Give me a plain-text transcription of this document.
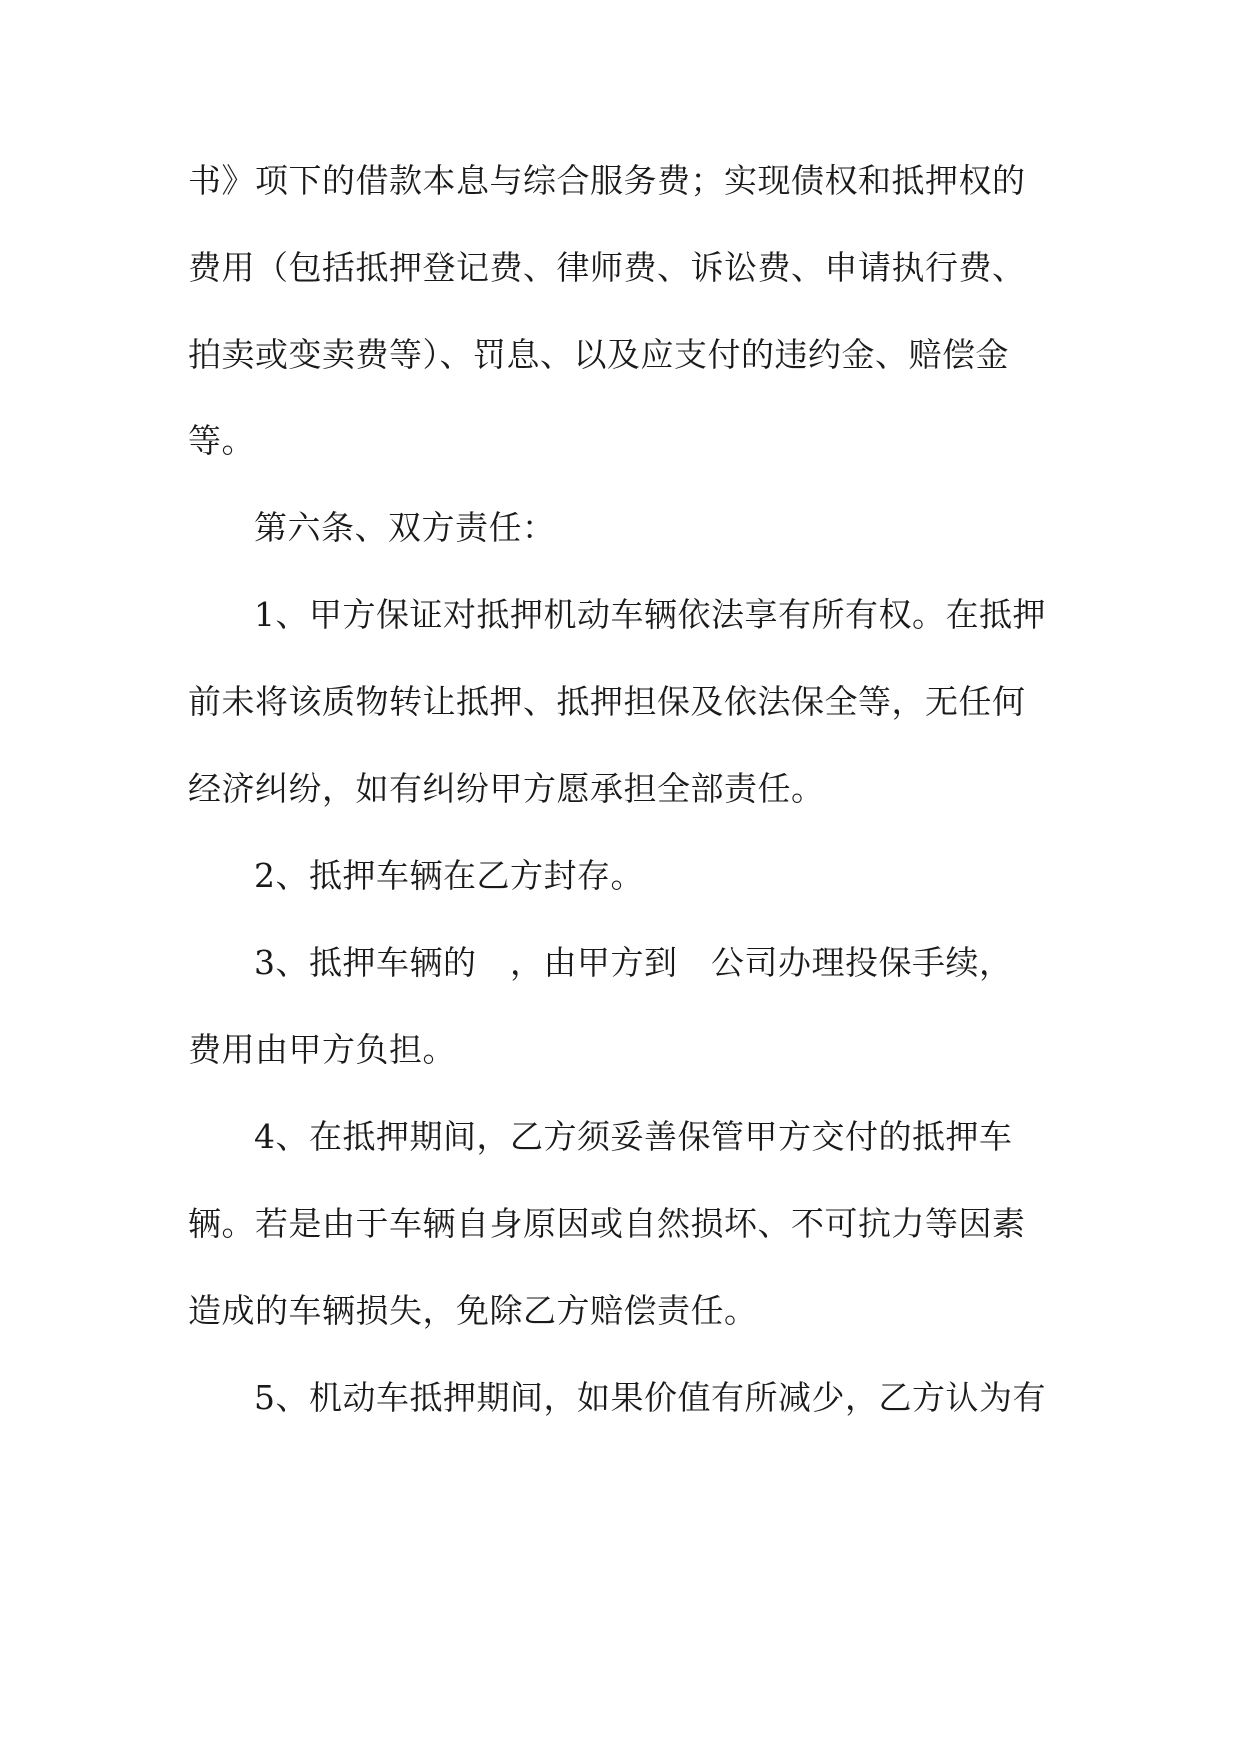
书》项下的借款本息与综合服务费；实现债权和抵押权的
费用（包括抵押登记费、律师费、诉讼费、申请执行费、
拍卖或变卖费等）、罚息、以及应支付的违约金、赔偿金
等。
第六条、双方责任：
1、甲方保证对抵押机动车辆依法享有所有权。在抵押
前未将该质物转让抵押、抵押担保及依法保全等，无任何
经济纠纷，如有纠纷甲方愿承担全部责任。
2、抵押车辆在乙方封存。
3、抵押车辆的　，由甲方到　公司办理投保手续，
费用由甲方负担。
4、在抵押期间，乙方须妥善保管甲方交付的抵押车
辆。若是由于车辆自身原因或自然损坏、不可抗力等因素
造成的车辆损失，免除乙方赔偿责任。
5、机动车抵押期间，如果价值有所减少，乙方认为有
